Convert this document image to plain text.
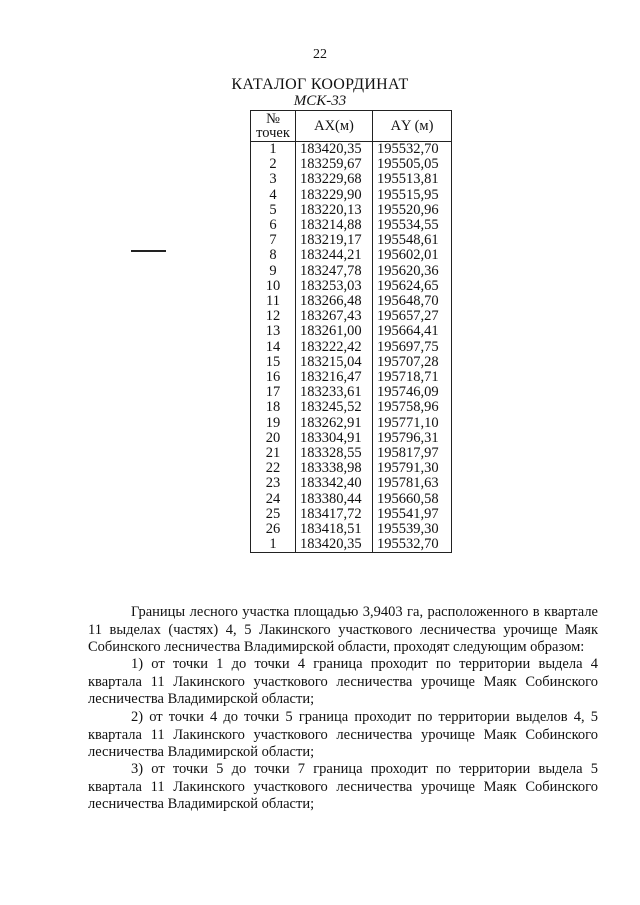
22
КАТАЛОГ КООРДИНАТ
МСК-33
№
точек	АХ(м)	АY (м)
1	183420,35	195532,70
2	183259,67	195505,05
3	183229,68	195513,81
4	183229,90	195515,95
5	183220,13	195520,96
6	183214,88	195534,55
7	183219,17	195548,61
8	183244,21	195602,01
9	183247,78	195620,36
10	183253,03	195624,65
11	183266,48	195648,70
12	183267,43	195657,27
13	183261,00	195664,41
14	183222,42	195697,75
15	183215,04	195707,28
16	183216,47	195718,71
17	183233,61	195746,09
18	183245,52	195758,96
19	183262,91	195771,10
20	183304,91	195796,31
21	183328,55	195817,97
22	183338,98	195791,30
23	183342,40	195781,63
24	183380,44	195660,58
25	183417,72	195541,97
26	183418,51	195539,30
1	183420,35	195532,70
Границы лесного участка площадью 3,9403 га, расположенного в квартале 11 выделах (частях) 4, 5 Лакинского участкового лесничества урочище Маяк Собинского лесничества Владимирской области, проходят следующим образом:
1) от точки 1 до точки 4 граница проходит по территории выдела 4 квартала 11 Лакинского участкового лесничества урочище Маяк Собинского лесничества Владимирской области;
2) от точки 4 до точки 5 граница проходит по территории выделов 4, 5 квартала 11 Лакинского участкового лесничества урочище Маяк Собинского лесничества Владимирской области;
3) от точки 5 до точки 7 граница проходит по территории выдела 5 квартала 11 Лакинского участкового лесничества урочище Маяк Собинского лесничества Владимирской области;
